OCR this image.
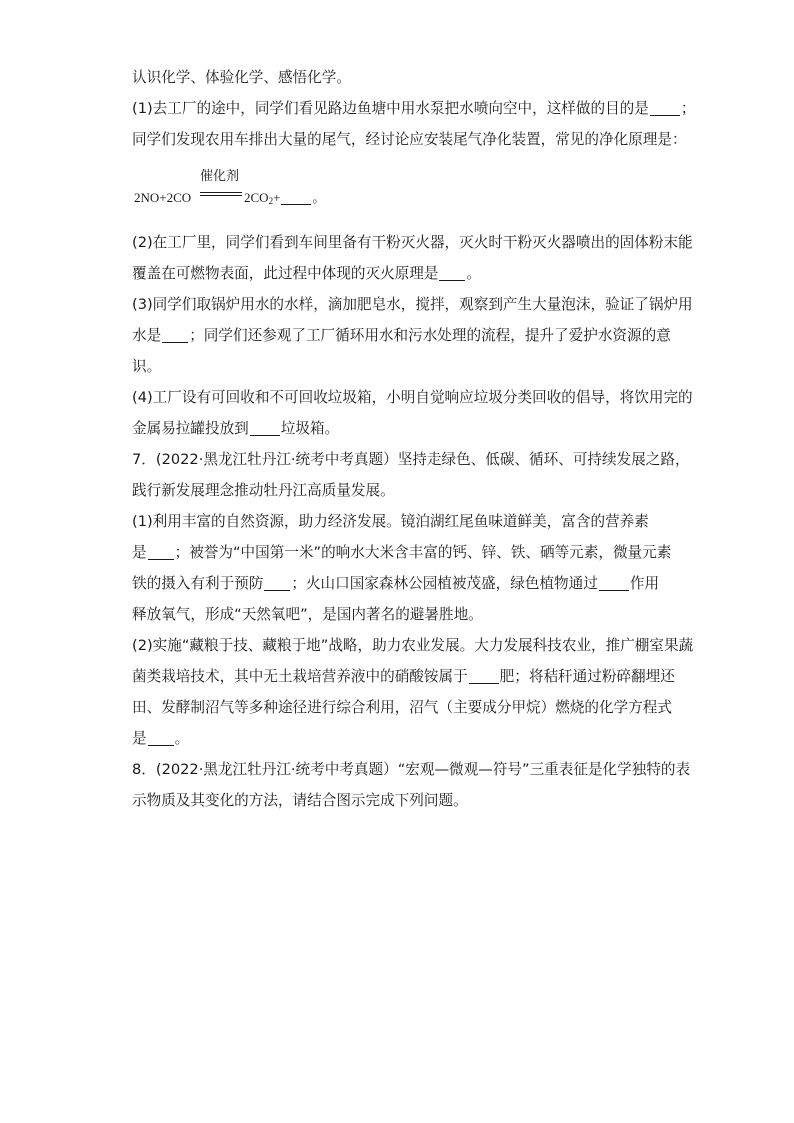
认识化学、体验化学、感悟化学。
(1)去工厂的途中，同学们看见路边鱼塘中用水泵把水喷向空中，这样做的目的是 ；
同学们发现农用车排出大量的尾气，经讨论应安装尾气净化装置，常见的净化原理是：
2NO+2CO
催化剂
$2CO_2+$ 。
(2)在工厂里，同学们看到车间里备有干粉灭火器，灭火时干粉灭火器喷出的固体粉末能
覆盖在可燃物表面，此过程中体现的灭火原理是 。
(3)同学们取锅炉用水的水样，滴加肥皂水，搅拌，观察到产生大量泡沫，验证了锅炉用
水是 ；同学们还参观了工厂循环用水和污水处理的流程，提升了爱护水资源的意
识。
(4)工厂设有可回收和不可回收垃圾箱，小明自觉响应垃圾分类回收的倡导，将饮用完的
金属易拉罐投放到 垃圾箱。
7．(2022·黑龙江牡丹江·统考中考真题）坚持走绿色、低碳、循环、可持续发展之路，
践行新发展理念推动牡丹江高质量发展。
(1)利用丰富的自然资源，助力经济发展。镜泊湖红尾鱼味道鲜美，富含的营养素
是 ；被誉为“中国第一米”的响水大米含丰富的钙、锌、铁、硒等元素，微量元素
铁的摄入有利于预防 ；火山口国家森林公园植被茂盛，绿色植物通过 作用
释放氧气，形成“天然氧吧”，是国内著名的避暑胜地。
(2)实施“藏粮于技、藏粮于地”战略，助力农业发展。大力发展科技农业，推广棚室果蔬
菌类栽培技术，其中无土栽培营养液中的硝酸铵属于 肥；将秸秆通过粉碎翻埋还
田、发酵制沼气等多种途径进行综合利用，沼气（主要成分甲烷）燃烧的化学方程式
是 。
8．(2022·黑龙江牡丹江·统考中考真题）“宏观—微观—符号”三重表征是化学独特的表
示物质及其变化的方法，请结合图示完成下列问题。
